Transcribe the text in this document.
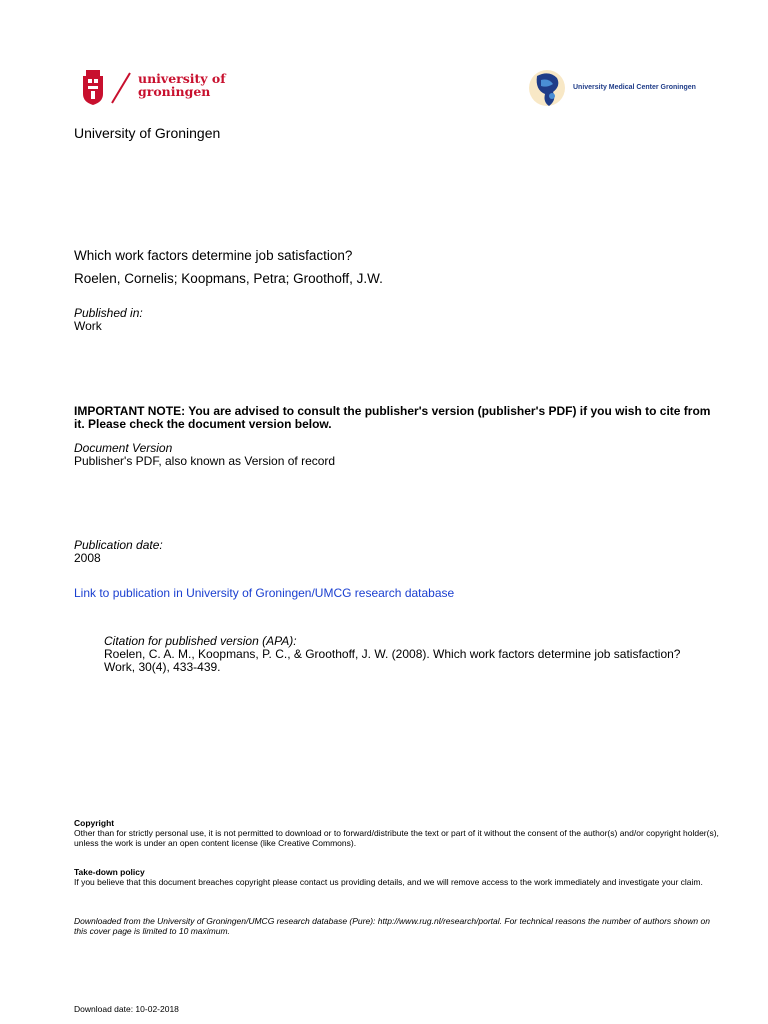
university of
groningen	University Medical Center Groningen
University of Groningen
Which work factors determine job satisfaction?
Roelen, Cornelis; Koopmans, Petra; Groothoff, J.W.
Published in:
Work
IMPORTANT NOTE: You are advised to consult the publisher's version (publisher's PDF) if you wish to cite from it. Please check the document version below.
Document Version
Publisher's PDF, also known as Version of record
Publication date:
2008
Link to publication in University of Groningen/UMCG research database
Citation for published version (APA):
Roelen, C. A. M., Koopmans, P. C., & Groothoff, J. W. (2008). Which work factors determine job satisfaction? Work, 30(4), 433-439.
Copyright
Other than for strictly personal use, it is not permitted to download or to forward/distribute the text or part of it without the consent of the author(s) and/or copyright holder(s), unless the work is under an open content license (like Creative Commons).
Take-down policy
If you believe that this document breaches copyright please contact us providing details, and we will remove access to the work immediately and investigate your claim.
Downloaded from the University of Groningen/UMCG research database (Pure): http://www.rug.nl/research/portal. For technical reasons the number of authors shown on this cover page is limited to 10 maximum.
Download date: 10-02-2018
